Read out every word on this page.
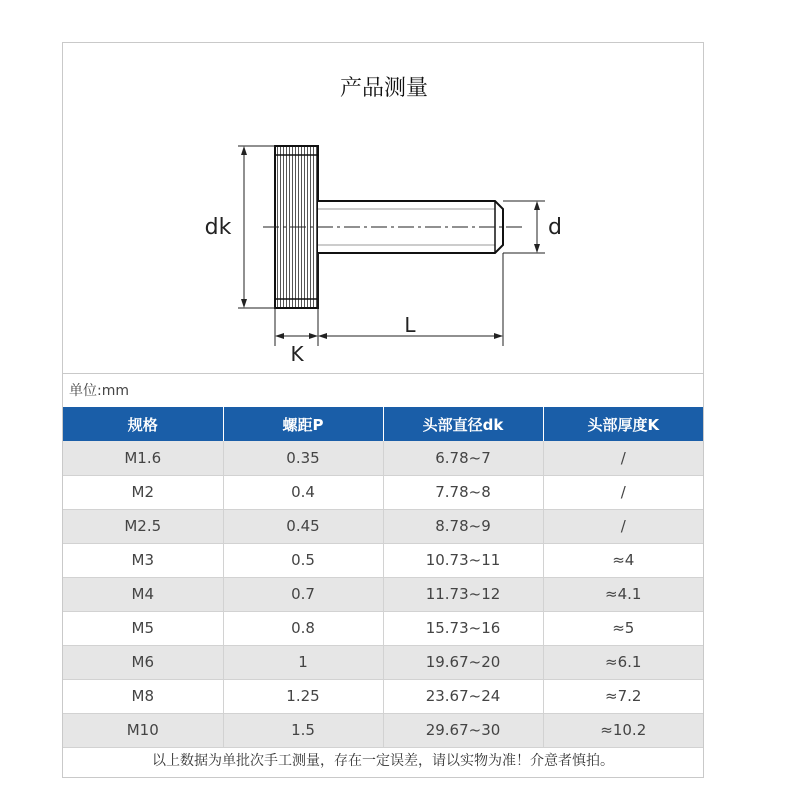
dk	d
L
K
产品测量
单位:mm
规格	螺距P	头部直径dk	头部厚度K
M1.6	0.35	6.78~7	/
M2	0.4	7.78~8	/
M2.5	0.45	8.78~9	/
M3	0.5	10.73~11	≈4
M4	0.7	11.73~12	≈4.1
M5	0.8	15.73~16	≈5
M6	1	19.67~20	≈6.1
M8	1.25	23.67~24	≈7.2
M10	1.5	29.67~30	≈10.2
以上数据为单批次手工测量，存在一定误差，请以实物为准！介意者慎拍。
